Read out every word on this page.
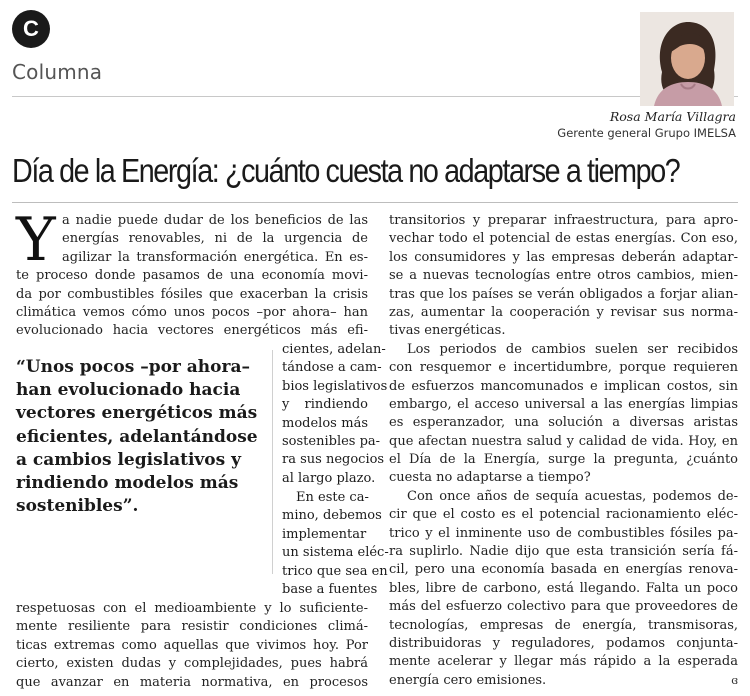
C
Columna
Rosa María Villagra
Gerente general Grupo IMELSA
Día de la Energía: ¿cuánto cuesta no adaptarse a tiempo?
Y a nadie puede dudar de los beneficios de las
energías renovables, ni de la urgencia de
agilizar la transformación energética. En es-
te proceso donde pasamos de una economía movi-
da por combustibles fósiles que exacerban la crisis
climática vemos cómo unos pocos –por ahora– han
evolucionado hacia vectores energéticos más efi-
“Unos pocos –por ahora– han evolucionado hacia vectores energéticos más eficientes, adelantándose a cambios legislativos y rindiendo modelos más sostenibles”.
cientes, adelan-
tándose a cam-
bios legislativos
y rindiendo
modelos más
sostenibles pa-
ra sus negocios
al largo plazo.
En este ca-
mino, debemos
implementar
un sistema eléc-
trico que sea en
base a fuentes
respetuosas con el medioambiente y lo suficiente-
mente resiliente para resistir condiciones climá-
ticas extremas como aquellas que vivimos hoy. Por
cierto, existen dudas y complejidades, pues habrá
que avanzar en materia normativa, en procesos
transitorios y preparar infraestructura, para apro-
vechar todo el potencial de estas energías. Con eso,
los consumidores y las empresas deberán adaptar-
se a nuevas tecnologías entre otros cambios, mien-
tras que los países se verán obligados a forjar alian-
zas, aumentar la cooperación y revisar sus norma-
tivas energéticas.
Los periodos de cambios suelen ser recibidos
con resquemor e incertidumbre, porque requieren
de esfuerzos mancomunados e implican costos, sin
embargo, el acceso universal a las energías limpias
es esperanzador, una solución a diversas aristas
que afectan nuestra salud y calidad de vida. Hoy, en
el Día de la Energía, surge la pregunta, ¿cuánto
cuesta no adaptarse a tiempo?
Con once años de sequía acuestas, podemos de-
cir que el costo es el potencial racionamiento eléc-
trico y el inminente uso de combustibles fósiles pa-
ra suplirlo. Nadie dijo que esta transición sería fá-
cil, pero una economía basada en energías renova-
bles, libre de carbono, está llegando. Falta un poco
más del esfuerzo colectivo para que proveedores de
tecnologías, empresas de energía, transmisoras,
distribuidoras y reguladores, podamos conjunta-
mente acelerar y llegar más rápido a la esperada
energía cero emisiones.	ɞ
